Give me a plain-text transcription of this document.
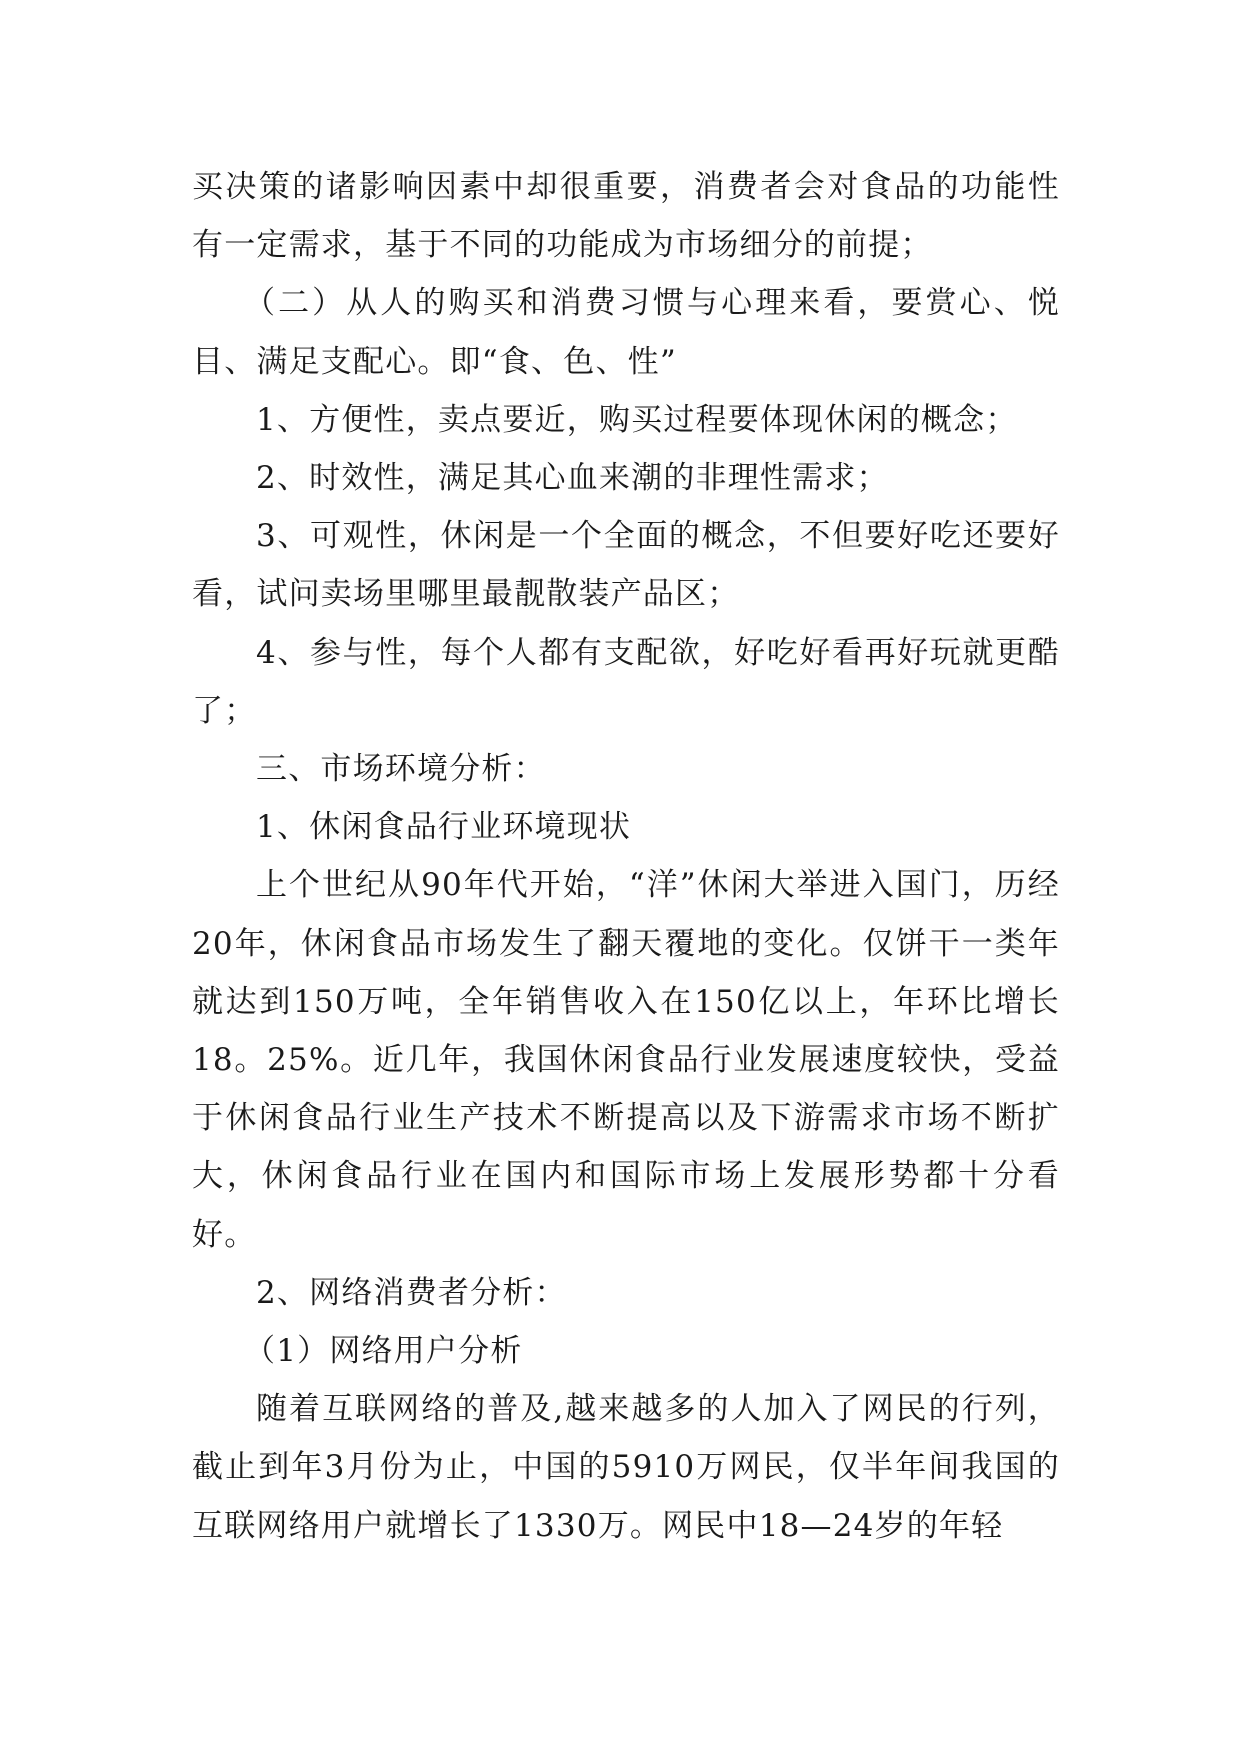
买决策的诸影响因素中却很重要，消费者会对食品的功能性有一定需求，基于不同的功能成为市场细分的前提；

（二）从人的购买和消费习惯与心理来看，要赏心、悦目、满足支配心。即“食、色、性”

1、方便性，卖点要近，购买过程要体现休闲的概念；

2、时效性，满足其心血来潮的非理性需求；

3、可观性，休闲是一个全面的概念，不但要好吃还要好看，试问卖场里哪里最靓散装产品区；

4、参与性，每个人都有支配欲，好吃好看再好玩就更酷了；

三、市场环境分析：

1、休闲食品行业环境现状

上个世纪从90年代开始，“洋”休闲大举进入国门，历经20年，休闲食品市场发生了翻天覆地的变化。仅饼干一类年就达到150万吨，全年销售收入在150亿以上，年环比增长18。25%。近几年，我国休闲食品行业发展速度较快，受益于休闲食品行业生产技术不断提高以及下游需求市场不断扩大，休闲食品行业在国内和国际市场上发展形势都十分看好。

2、网络消费者分析：

（1）网络用户分析

随着互联网络的普及,越来越多的人加入了网民的行列，截止到年3月份为止，中国的5910万网民，仅半年间我国的互联网络用户就增长了1330万。网民中18—24岁的年轻
